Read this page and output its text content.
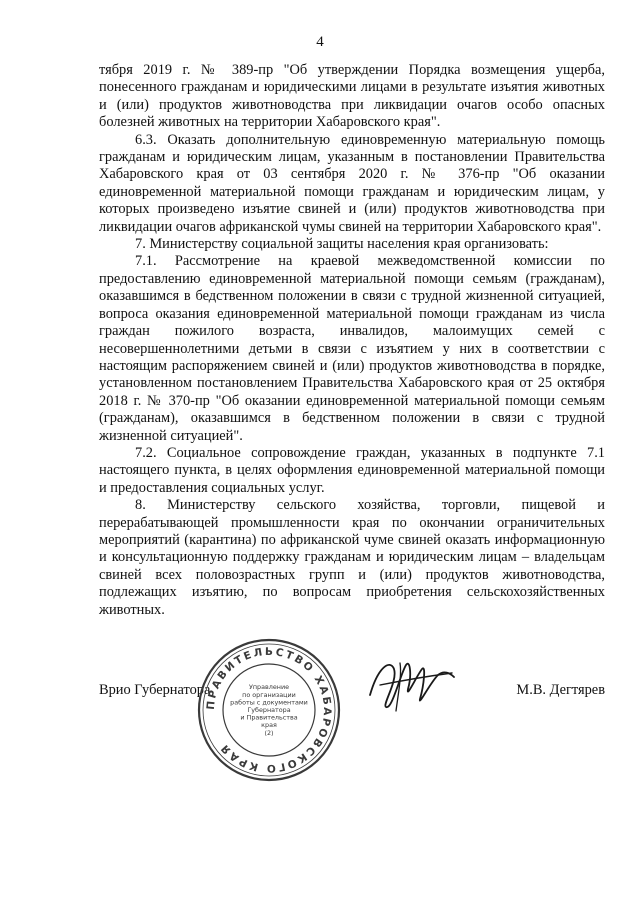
4

тября 2019 г. № 389-пр "Об утверждении Порядка возмещения ущерба, понесенного гражданам и юридическими лицами в результате изъятия животных и (или) продуктов животноводства при ликвидации очагов особо опасных болезней животных на территории Хабаровского края".

6.3. Оказать дополнительную единовременную материальную помощь гражданам и юридическим лицам, указанным в постановлении Правительства Хабаровского края от 03 сентября 2020 г. № 376-пр "Об оказании единовременной материальной помощи гражданам и юридическим лицам, у которых произведено изъятие свиней и (или) продуктов животноводства при ликвидации очагов африканской чумы свиней на территории Хабаровского края".

7. Министерству социальной защиты населения края организовать:

7.1. Рассмотрение на краевой межведомственной комиссии по предоставлению единовременной материальной помощи семьям (гражданам), оказавшимся в бедственном положении в связи с трудной жизненной ситуацией, вопроса оказания единовременной материальной помощи гражданам из числа граждан пожилого возраста, инвалидов, малоимущих семей с несовершеннолетними детьми в связи с изъятием у них в соответствии с настоящим распоряжением свиней и (или) продуктов животноводства в порядке, установленном постановлением Правительства Хабаровского края от 25 октября 2018 г. № 370-пр "Об оказании единовременной материальной помощи семьям (гражданам), оказавшимся в бедственном положении в связи с трудной жизненной ситуацией".

7.2. Социальное сопровождение граждан, указанных в подпункте 7.1 настоящего пункта, в целях оформления единовременной материальной помощи и предоставления социальных услуг.

8. Министерству сельского хозяйства, торговли, пищевой и перерабатывающей промышленности края по окончании ограничительных мероприятий (карантина) по африканской чуме свиней оказать информационную и консультационную поддержку гражданам и юридическим лицам – владельцам свиней всех половозрастных групп и (или) продуктов животноводства, подлежащих изъятию, по вопросам приобретения сельскохозяйственных животных.

Врио Губернатора	М.В. Дегтярев
ПРАВИТЕЛЬСТВО ХАБАРОВСКОГО КРАЯ
Управление
по организации
работы с документами
Губернатора
и Правительства
края
(2)
